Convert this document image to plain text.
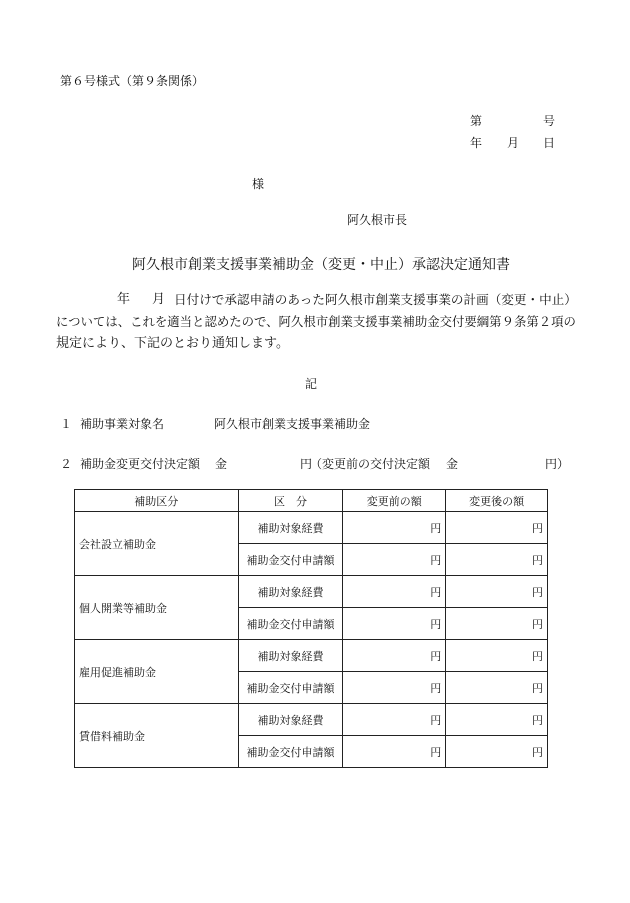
第６号様式（第９条関係）
第	号
年 月 日
様
阿久根市長
阿久根市創業支援事業補助金（変更・中止）承認決定通知書
年 月 日付けで承認申請のあった阿久根市創業支援事業の計画（変更・中止）
については、これを適当と認めたので、阿久根市創業支援事業補助金交付要綱第９条第２項の
規定により、下記のとおり通知します。
記
１ 補助事業対象名	阿久根市創業支援事業補助金
２ 補助金変更交付決定額 金	円
（変更前の交付決定額 金	円）
補助区分	区　分	変更前の額	変更後の額
会社設立補助金	補助対象経費	円	円
	補助金交付申請額	円	円
個人開業等補助金	補助対象経費	円	円
	補助金交付申請額	円	円
雇用促進補助金	補助対象経費	円	円
	補助金交付申請額	円	円
賃借料補助金	補助対象経費	円	円
	補助金交付申請額	円	円
